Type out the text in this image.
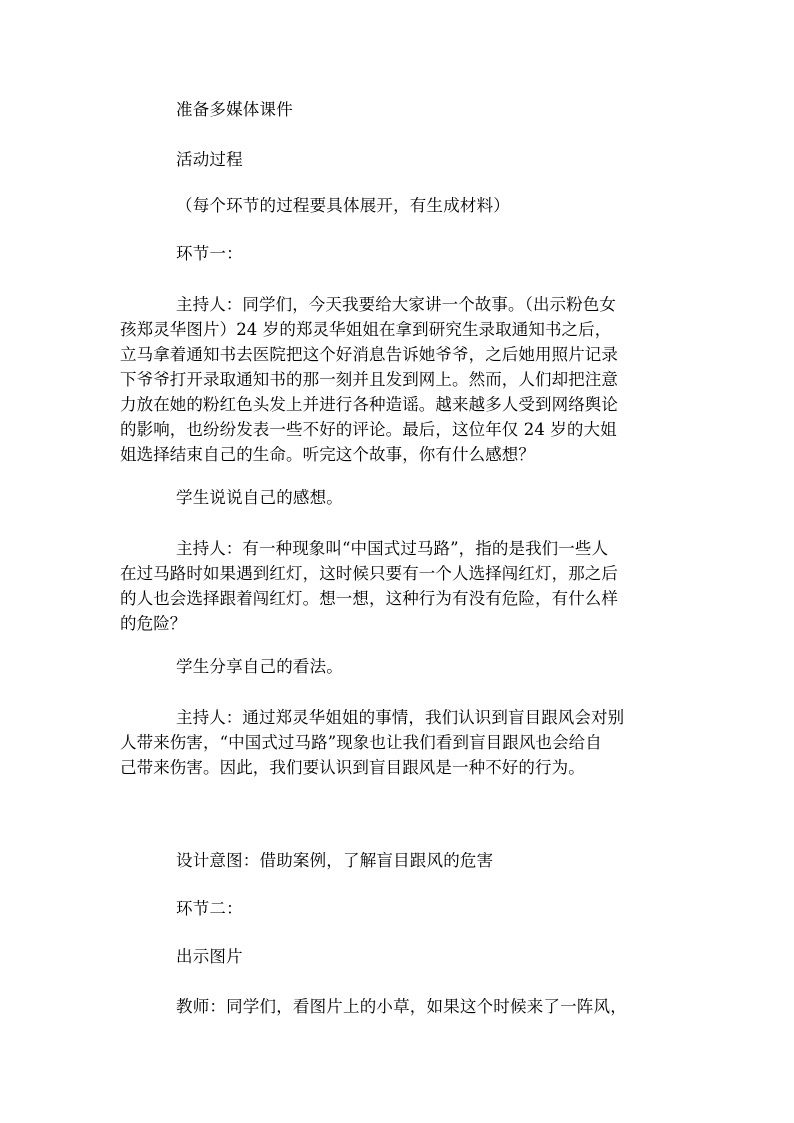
准备多媒体课件
活动过程
（每个环节的过程要具体展开，有生成材料）
环节一：
主持人：同学们，今天我要给大家讲一个故事。（出示粉色女
孩郑灵华图片）24 岁的郑灵华姐姐在拿到研究生录取通知书之后，
立马拿着通知书去医院把这个好消息告诉她爷爷，之后她用照片记录
下爷爷打开录取通知书的那一刻并且发到网上。然而，人们却把注意
力放在她的粉红色头发上并进行各种造谣。越来越多人受到网络舆论
的影响，也纷纷发表一些不好的评论。最后，这位年仅 24 岁的大姐
姐选择结束自己的生命。听完这个故事，你有什么感想？
学生说说自己的感想。
主持人：有一种现象叫“中国式过马路”，指的是我们一些人
在过马路时如果遇到红灯，这时候只要有一个人选择闯红灯，那之后
的人也会选择跟着闯红灯。想一想，这种行为有没有危险，有什么样
的危险？
学生分享自己的看法。
主持人：通过郑灵华姐姐的事情，我们认识到盲目跟风会对别
人带来伤害，“中国式过马路”现象也让我们看到盲目跟风也会给自
己带来伤害。因此，我们要认识到盲目跟风是一种不好的行为。
设计意图：借助案例，了解盲目跟风的危害
环节二：
出示图片
教师：同学们，看图片上的小草，如果这个时候来了一阵风，
